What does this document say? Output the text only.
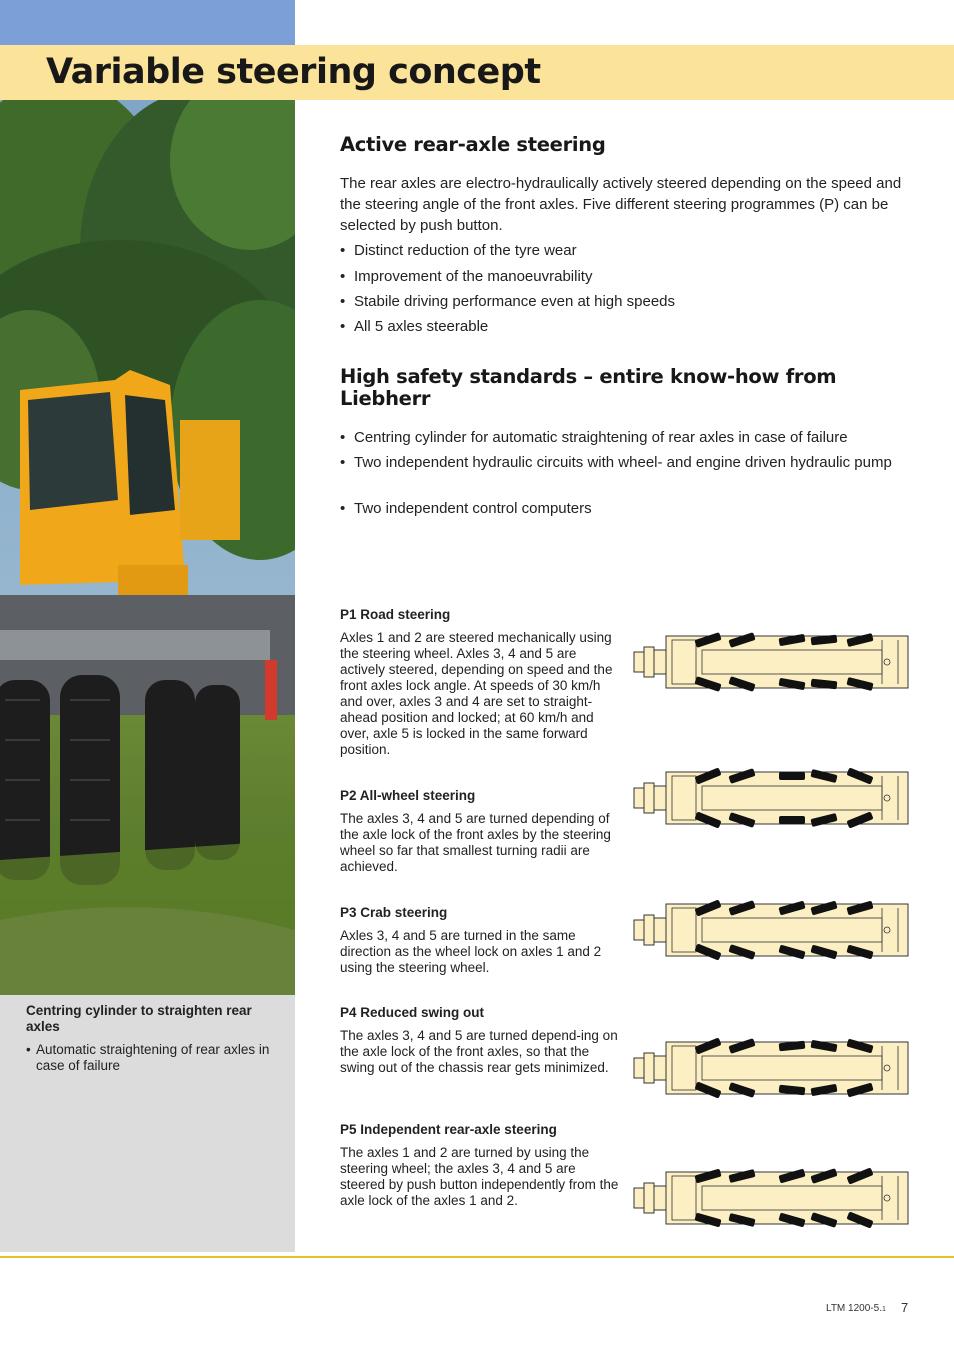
Variable steering concept

Centring cylinder to straighten rear axles

• Automatic straightening of rear axles in case of failure

Active rear-axle steering

The rear axles are electro-hydraulically actively steered depending on the speed and the steering angle of the front axles. Five different steering programmes (P) can be selected by push button.

• Distinct reduction of the tyre wear

• Improvement of the manoeuvrability

• Stabile driving performance even at high speeds

• All 5 axles steerable

High safety standards – entire know-how from Liebherr

• Centring cylinder for automatic straightening of rear axles in case of failure

• Two independent hydraulic circuits with wheel- and engine driven hydraulic pump

• Two independent control computers

P1 Road steering

Axles 1 and 2 are steered mechanically using the steering wheel. Axles 3, 4 and 5 are actively steered, depending on speed and the front axles lock angle. At speeds of 30 km/h and over, axles 3 and 4 are set to straight-ahead position and locked; at 60 km/h and over, axle 5 is locked in the same forward position.

P2 All-wheel steering

The axles 3, 4 and 5 are turned depending of the axle lock of the front axles by the steering wheel so far that smallest turning radii are achieved.

P3 Crab steering

Axles 3, 4 and 5 are turned in the same direction as the wheel lock on axles 1 and 2 using the steering wheel.

P4 Reduced swing out

The axles 3, 4 and 5 are turned depend-ing on the axle lock of the front axles, so that the swing out of the chassis rear gets minimized.

P5 Independent rear-axle steering

The axles 1 and 2 are turned by using the steering wheel; the axles 3, 4 and 5 are steered by push button independently from the axle lock of the axles 1 and 2.

LTM 1200-5.1 7
